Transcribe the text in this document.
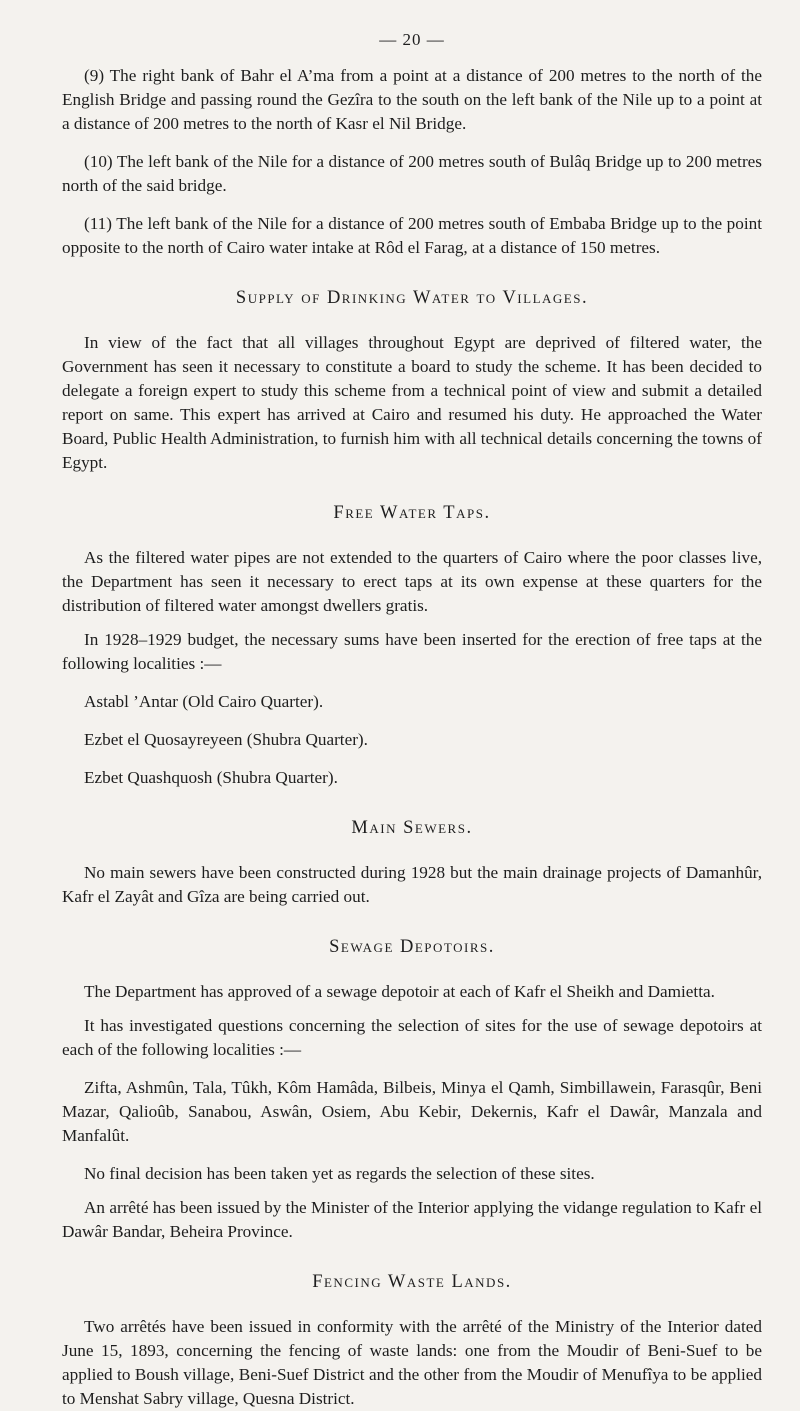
— 20 —

(9) The right bank of Bahr el A’ma from a point at a distance of 200 metres to the north of the English Bridge and passing round the Gezîra to the south on the left bank of the Nile up to a point at a distance of 200 metres to the north of Kasr el Nil Bridge.

(10) The left bank of the Nile for a distance of 200 metres south of Bulâq Bridge up to 200 metres north of the said bridge.

(11) The left bank of the Nile for a distance of 200 metres south of Embaba Bridge up to the point opposite to the north of Cairo water intake at Rôd el Farag, at a distance of 150 metres.

Supply of Drinking Water to Villages.

In view of the fact that all villages throughout Egypt are deprived of filtered water, the Government has seen it necessary to constitute a board to study the scheme. It has been decided to delegate a foreign expert to study this scheme from a technical point of view and submit a detailed report on same. This expert has arrived at Cairo and resumed his duty. He approached the Water Board, Public Health Administration, to furnish him with all technical details concerning the towns of Egypt.

Free Water Taps.

As the filtered water pipes are not extended to the quarters of Cairo where the poor classes live, the Department has seen it necessary to erect taps at its own expense at these quarters for the distribution of filtered water amongst dwellers gratis.

In 1928–1929 budget, the necessary sums have been inserted for the erection of free taps at the following localities :—

Astabl ’Antar (Old Cairo Quarter).
Ezbet el Quosayreyeen (Shubra Quarter).
Ezbet Quashquosh (Shubra Quarter).
Main Sewers.

No main sewers have been constructed during 1928 but the main drainage projects of Damanhûr, Kafr el Zayât and Gîza are being carried out.

Sewage Depotoirs.

The Department has approved of a sewage depotoir at each of Kafr el Sheikh and Damietta.

It has investigated questions concerning the selection of sites for the use of sewage depotoirs at each of the following localities :—

Zifta, Ashmûn, Tala, Tûkh, Kôm Hamâda, Bilbeis, Minya el Qamh, Simbillawein, Farasqûr, Beni Mazar, Qalioûb, Sanabou, Aswân, Osiem, Abu Kebir, Dekernis, Kafr el Dawâr, Manzala and Manfalût.

No final decision has been taken yet as regards the selection of these sites.

An arrêté has been issued by the Minister of the Interior applying the vidange regulation to Kafr el Dawâr Bandar, Beheira Province.

Fencing Waste Lands.

Two arrêtés have been issued in conformity with the arrêté of the Ministry of the Interior dated June 15, 1893, concerning the fencing of waste lands: one from the Moudir of Beni-Suef to be applied to Boush village, Beni-Suef District and the other from the Moudir of Menufîya to be applied to Menshat Sabry village, Quesna District.
